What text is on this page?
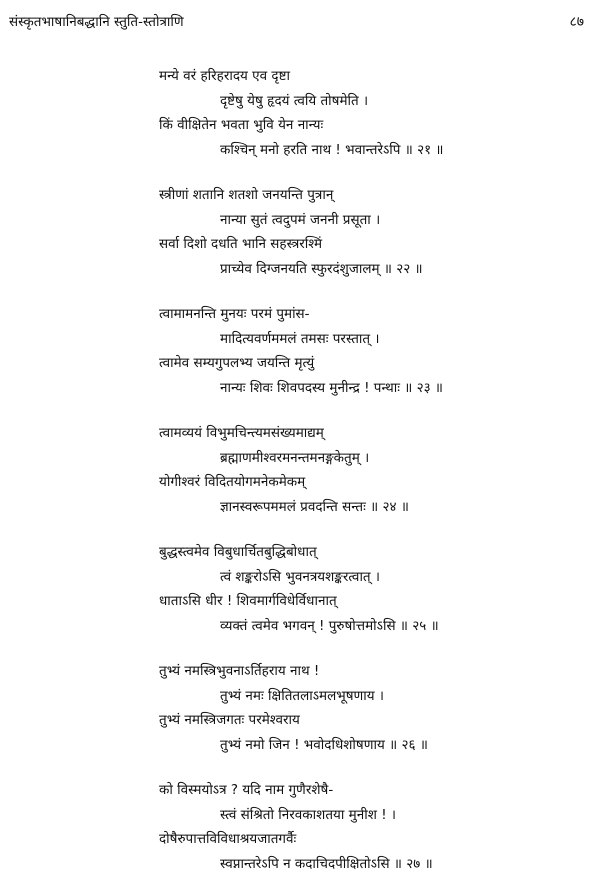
संस्कृतभाषानिबद्धानि स्तुति-स्तोत्राणि	८७
मन्ये वरं हरिहरादय एव दृष्टा
दृष्टेषु येषु हृदयं त्वयि तोषमेति ।
किं वीक्षितेन भवता भुवि येन नान्यः
कश्चिन् मनो हरति नाथ ! भवान्तरेऽपि ॥ २१ ॥
स्त्रीणां शतानि शतशो जनयन्ति पुत्रान्
नान्या सुतं त्वदुपमं जननी प्रसूता ।
सर्वा दिशो दधति भानि सहस्त्ररश्मिं
प्राच्येव दिग्जनयति स्फुरदंशुजालम् ॥ २२ ॥
त्वामामनन्ति मुनयः परमं पुमांस-
मादित्यवर्णममलं तमसः परस्तात् ।
त्वामेव सम्यगुपलभ्य जयन्ति मृत्युं
नान्यः शिवः शिवपदस्य मुनीन्द्र ! पन्थाः ॥ २३ ॥
त्वामव्ययं विभुमचिन्त्यमसंख्यमाद्यम्
ब्रह्माणमीश्वरमनन्तमनङ्गकेतुम् ।
योगीश्वरं विदितयोगमनेकमेकम्
ज्ञानस्वरूपममलं प्रवदन्ति सन्तः ॥ २४ ॥
बुद्धस्त्वमेव विबुधार्चितबुद्धिबोधात्
त्वं शङ्करोऽसि भुवनत्रयशङ्करत्वात् ।
धाताऽसि धीर ! शिवमार्गविधेर्विधानात्
व्यक्तं त्वमेव भगवन् ! पुरुषोत्तमोऽसि ॥ २५ ॥
तुभ्यं नमस्त्रिभुवनाऽर्तिहराय नाथ !
तुभ्यं नमः क्षितितलाऽमलभूषणाय ।
तुभ्यं नमस्त्रिजगतः परमेश्वराय
तुभ्यं नमो जिन ! भवोदधिशोषणाय ॥ २६ ॥
को विस्मयोऽत्र ? यदि नाम गुणैरशेषै-
स्त्वं संश्रितो निरवकाशतया मुनीश ! ।
दोषैरुपात्तविविधाश्रयजातगर्वैः
स्वप्नान्तरेऽपि न कदाचिदपीक्षितोऽसि ॥ २७ ॥
